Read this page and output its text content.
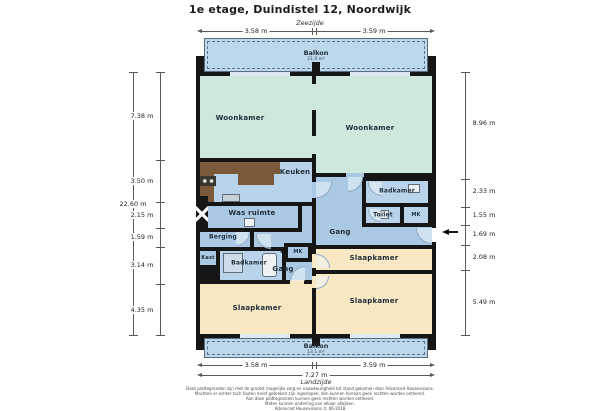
1e etage, Duindistel 12, Noordwijk
Zeezijde
3.58 m	3.59 m
22.60 m
7.38 m
3.50 m
2.15 m
1.59 m
3.14 m
4.35 m
8.96 m
2.33 m
1.55 m
1.69 m
2.08 m
5.49 m
Balkon
21.0 m²
Woonkamer
Woonkamer
Keuken
Was ruimte
Badkamer
Toilet	MK
Gang
Berging
Kast
Badkamer
MK
Gang
Slaapkamer
Slaapkamer
Slaapkamer
Balkon
13.1 m²
3.58 m	3.59 m
7.27 m
Landzijde
Deze plattegronden zijn met de grootst mogelijke zorg en nauwkeurigheid tot stand gekomen door Advanced Housevisions.
Mochten er echter toch fouten en/of gebreken zijn ingeslopen, dan kunnen hieraan geen rechten worden ontleend.
Aan deze plattegronden kunnen geen rechten worden ontleend.
Maten kunnen onderling van elkaar afwijken.
Advanced Housevisions © 06-2018
